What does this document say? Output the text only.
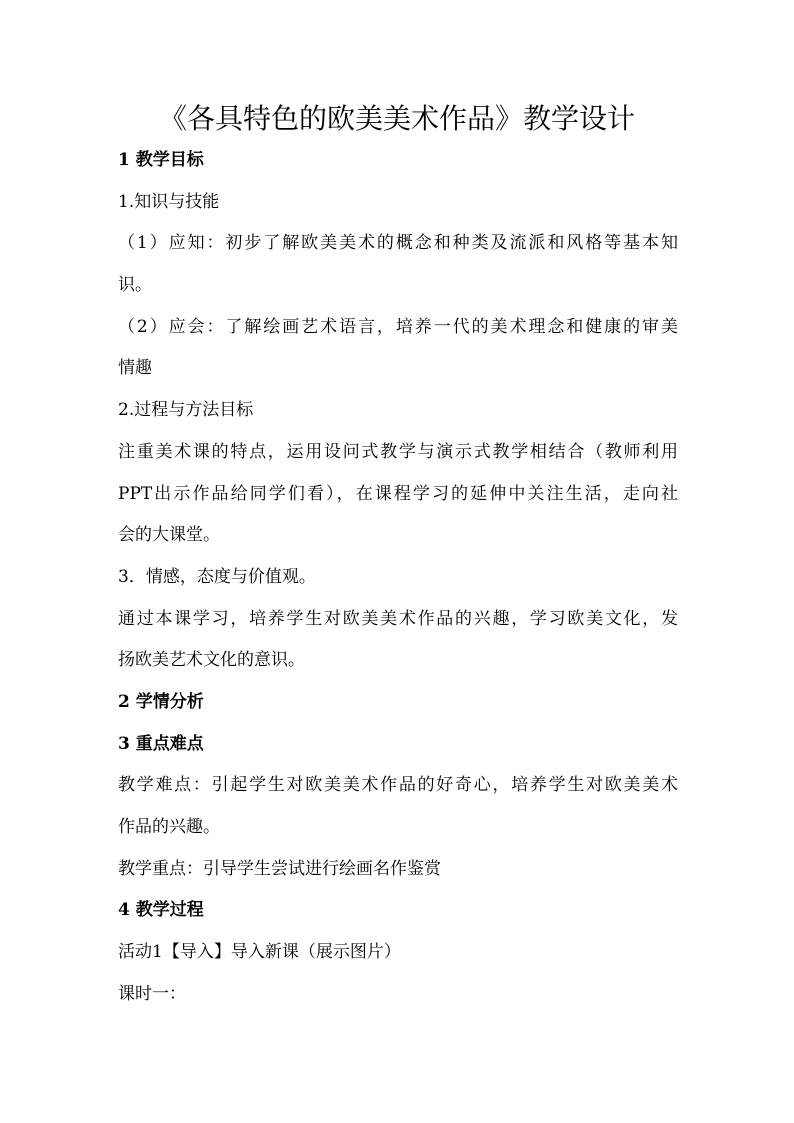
《各具特色的欧美美术作品》教学设计
1 教学目标
1.知识与技能
（1）应知：初步了解欧美美术的概念和种类及流派和风格等基本知
识。
（2）应会：了解绘画艺术语言，培养一代的美术理念和健康的审美
情趣
2.过程与方法目标
注重美术课的特点，运用设问式教学与演示式教学相结合（教师利用
PPT出示作品给同学们看），在课程学习的延伸中关注生活，走向社
会的大课堂。
3．情感，态度与价值观。
通过本课学习，培养学生对欧美美术作品的兴趣，学习欧美文化，发
扬欧美艺术文化的意识。
2 学情分析
3 重点难点
教学难点：引起学生对欧美美术作品的好奇心，培养学生对欧美美术
作品的兴趣。
教学重点：引导学生尝试进行绘画名作鉴赏
4 教学过程
活动1【导入】导入新课（展示图片）
课时一：
